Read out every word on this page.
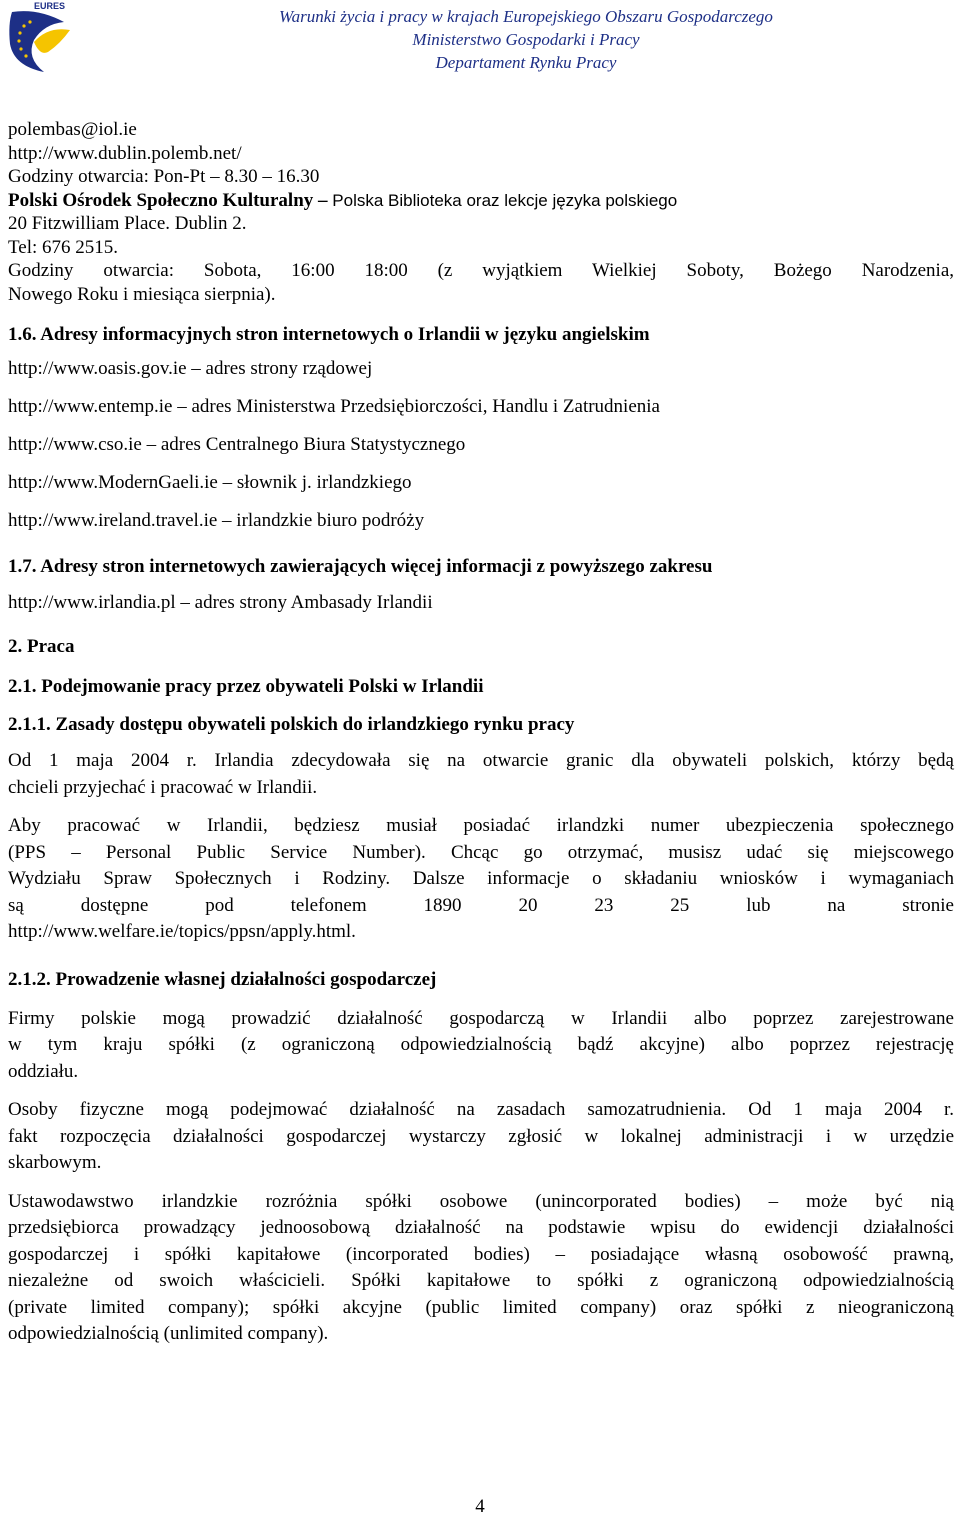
EURES
Warunki życia i pracy w krajach Europejskiego Obszaru Gospodarczego
Ministerstwo Gospodarki i Pracy
Departament Rynku Pracy

polembas@iol.ie

http://www.dublin.polemb.net/

Godziny otwarcia: Pon-Pt – 8.30 – 16.30

Polski Ośrodek Społeczno Kulturalny – Polska Biblioteka oraz lekcje języka polskiego

20 Fitzwilliam Place. Dublin 2.

Tel: 676 2515.

Godziny otwarcia: Sobota, 16:00 18:00 (z wyjątkiem Wielkiej Soboty, Bożego Narodzenia,

Nowego Roku i miesiąca sierpnia).

1.6. Adresy informacyjnych stron internetowych o Irlandii w języku angielskim

http://www.oasis.gov.ie – adres strony rządowej

http://www.entemp.ie – adres Ministerstwa Przedsiębiorczości, Handlu i Zatrudnienia

http://www.cso.ie – adres Centralnego Biura Statystycznego

http://www.ModernGaeli.ie – słownik j. irlandzkiego

http://www.ireland.travel.ie – irlandzkie biuro podróży

1.7. Adresy stron internetowych zawierających więcej informacji z powyższego zakresu

http://www.irlandia.pl – adres strony Ambasady Irlandii

2. Praca

2.1. Podejmowanie pracy przez obywateli Polski w Irlandii

2.1.1. Zasady dostępu obywateli polskich do irlandzkiego rynku pracy

Od 1 maja 2004 r. Irlandia zdecydowała się na otwarcie granic dla obywateli polskich, którzy będą
chcieli przyjechać i pracować w Irlandii.
Aby pracować w Irlandii, będziesz musiał posiadać irlandzki numer ubezpieczenia społecznego
(PPS – Personal Public Service Number). Chcąc go otrzymać, musisz udać się miejscowego
Wydziału Spraw Społecznych i Rodziny. Dalsze informacje o składaniu wniosków i wymaganiach
są dostępne pod telefonem 1890 20 23 25 lub na stronie
http://www.welfare.ie/topics/ppsn/apply.html.

2.1.2. Prowadzenie własnej działalności gospodarczej

Firmy polskie mogą prowadzić działalność gospodarczą w Irlandii albo poprzez zarejestrowane
w tym kraju spółki (z ograniczoną odpowiedzialnością bądź akcyjne) albo poprzez rejestrację
oddziału.
Osoby fizyczne mogą podejmować działalność na zasadach samozatrudnienia. Od 1 maja 2004 r.
fakt rozpoczęcia działalności gospodarczej wystarczy zgłosić w lokalnej administracji i w urzędzie
skarbowym.
Ustawodawstwo irlandzkie rozróżnia spółki osobowe (unincorporated bodies) – może być nią
przedsiębiorca prowadzący jednoosobową działalność na podstawie wpisu do ewidencji działalności
gospodarczej i spółki kapitałowe (incorporated bodies) – posiadające własną osobowość prawną,
niezależne od swoich właścicieli. Spółki kapitałowe to spółki z ograniczoną odpowiedzialnością
(private limited company); spółki akcyjne (public limited company) oraz spółki z nieograniczoną
odpowiedzialnością (unlimited company).
4
